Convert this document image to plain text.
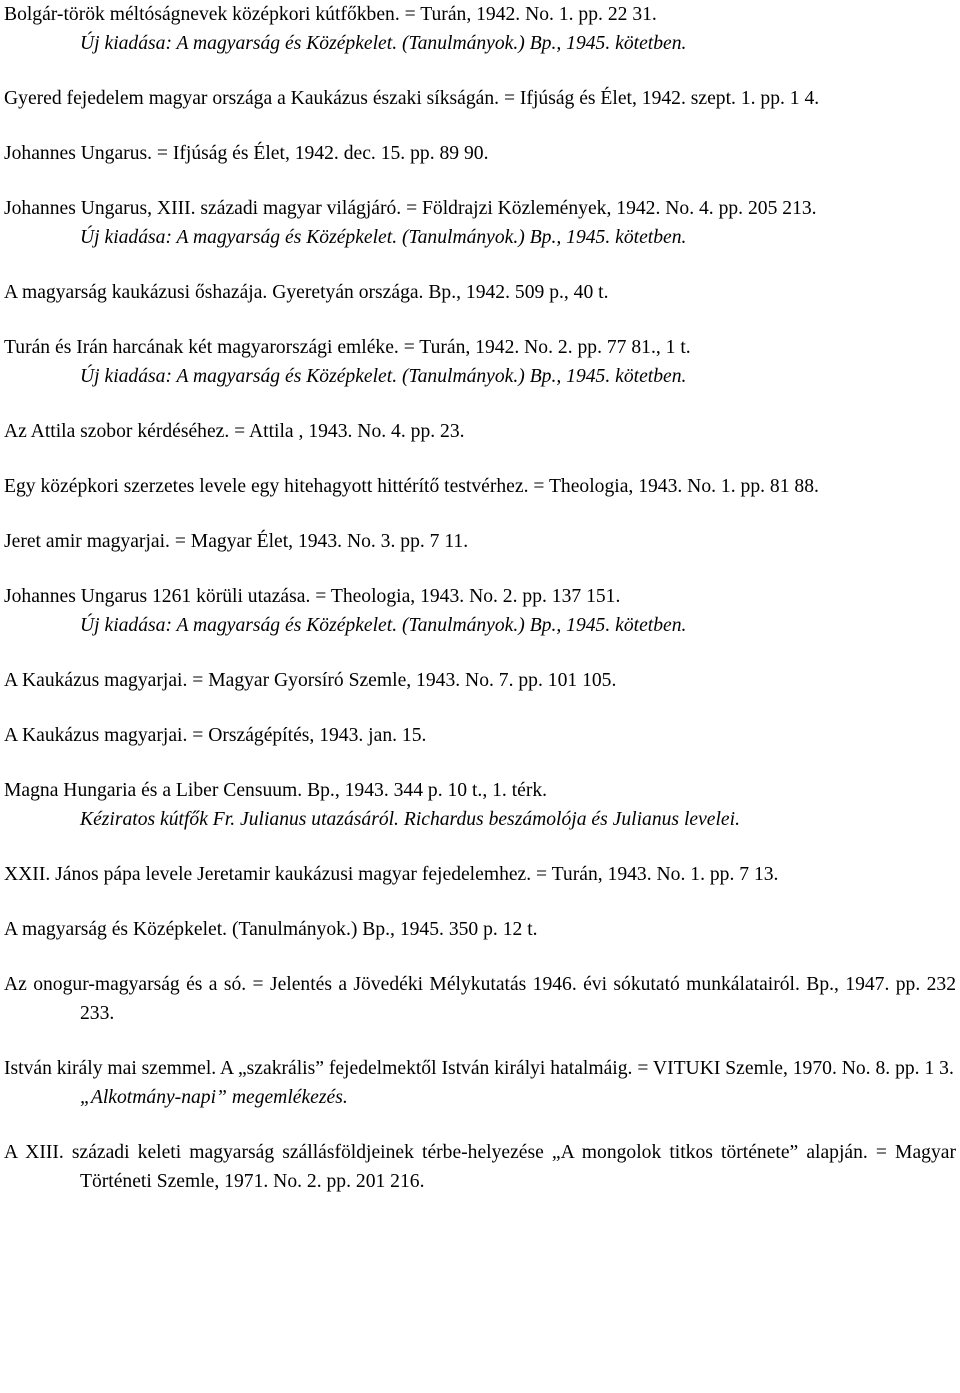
Bolgár-török méltóságnevek középkori kútfőkben. = Turán, 1942. No. 1. pp. 22 31.
Új kiadása: A magyarság és Középkelet. (Tanulmányok.) Bp., 1945. kötetben.
Gyered fejedelem magyar országa a Kaukázus északi síkságán. = Ifjúság és Élet, 1942. szept. 1. pp. 1 4.
Johannes Ungarus. = Ifjúság és Élet, 1942. dec. 15. pp. 89 90.
Johannes Ungarus, XIII. századi magyar világjáró. = Földrajzi Közlemények, 1942. No. 4. pp. 205 213.
Új kiadása: A magyarság és Középkelet. (Tanulmányok.) Bp., 1945. kötetben.
A magyarság kaukázusi őshazája. Gyeretyán országa. Bp., 1942. 509 p., 40 t.
Turán és Irán harcának két magyarországi emléke. = Turán, 1942. No. 2. pp. 77 81., 1 t.
Új kiadása: A magyarság és Középkelet. (Tanulmányok.) Bp., 1945. kötetben.
Az Attila szobor kérdéséhez. = Attila , 1943. No. 4. pp. 23.
Egy középkori szerzetes levele egy hitehagyott hittérítő testvérhez. = Theologia, 1943. No. 1. pp. 81 88.
Jeret amir magyarjai. = Magyar Élet, 1943. No. 3. pp. 7 11.
Johannes Ungarus 1261 körüli utazása. = Theologia, 1943. No. 2. pp. 137 151.
Új kiadása: A magyarság és Középkelet. (Tanulmányok.) Bp., 1945. kötetben.
A Kaukázus magyarjai. = Magyar Gyorsíró Szemle, 1943. No. 7. pp. 101 105.
A Kaukázus magyarjai. = Országépítés, 1943. jan. 15.
Magna Hungaria és a Liber Censuum. Bp., 1943. 344 p. 10 t., 1. térk.
Kéziratos kútfők Fr. Julianus utazásáról. Richardus beszámolója és Julianus levelei.
XXII. János pápa levele Jeretamir kaukázusi magyar fejedelemhez. = Turán, 1943. No. 1. pp. 7 13.
A magyarság és Középkelet. (Tanulmányok.) Bp., 1945. 350 p. 12 t.
Az onogur-magyarság és a só. = Jelentés a Jövedéki Mélykutatás 1946. évi sókutató munkálatairól. Bp., 1947. pp. 232 233.
István király mai szemmel. A „szakrális” fejedelmektől István királyi hatalmáig. = VITUKI Szemle, 1970. No. 8. pp. 1 3.
„Alkotmány-napi” megemlékezés.
A XIII. századi keleti magyarság szállásföldjeinek térbe-helyezése „A mongolok titkos története” alapján. = Magyar Történeti Szemle, 1971. No. 2. pp. 201 216.
